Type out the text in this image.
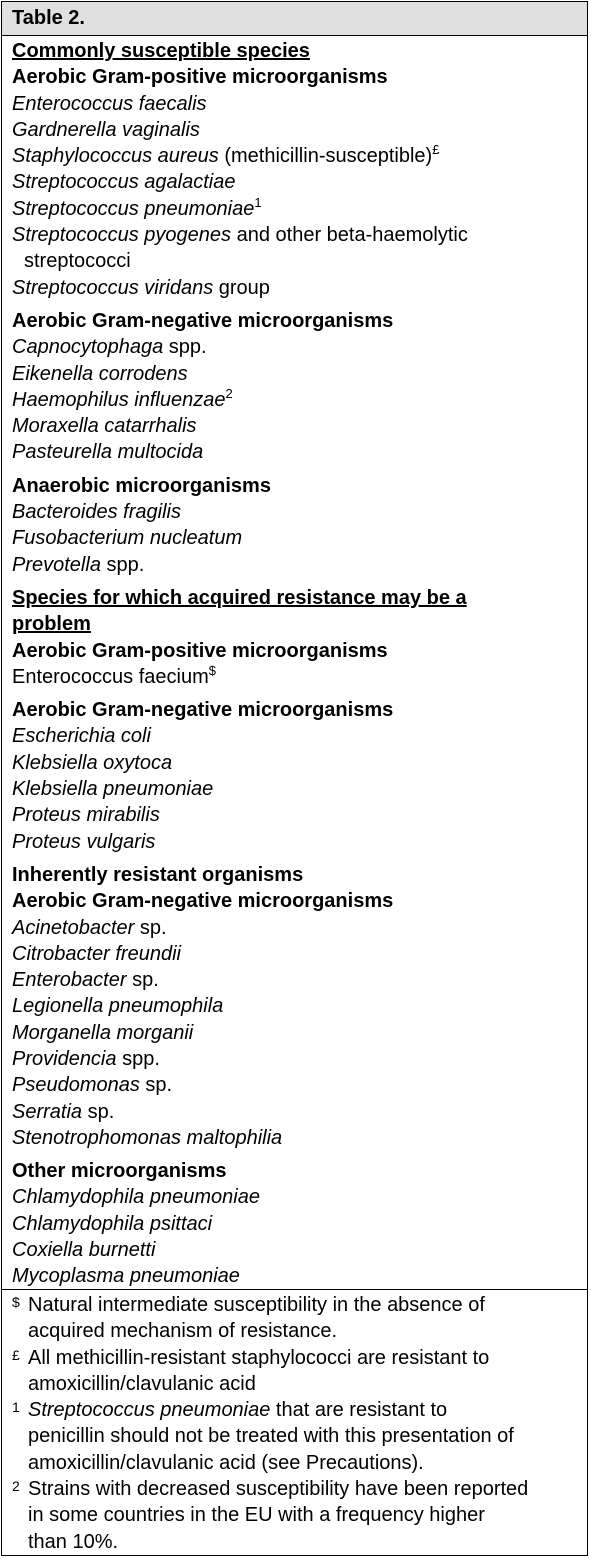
Table 2.
Commonly susceptible species
Aerobic Gram-positive microorganisms
Enterococcus faecalis
Gardnerella vaginalis
Staphylococcus aureus (methicillin-susceptible)£
Streptococcus agalactiae
Streptococcus pneumoniae$^1$
Streptococcus pyogenes and other beta-haemolytic
streptococci
Streptococcus viridans group
Aerobic Gram-negative microorganisms
Capnocytophaga spp.
Eikenella corrodens
Haemophilus influenzae$^2$
Moraxella catarrhalis
Pasteurella multocida
Anaerobic microorganisms
Bacteroides fragilis
Fusobacterium nucleatum
Prevotella spp.
Species for which acquired resistance may be a
problem
Aerobic Gram-positive microorganisms
Enterococcus faecium$
Aerobic Gram-negative microorganisms
Escherichia coli
Klebsiella oxytoca
Klebsiella pneumoniae
Proteus mirabilis
Proteus vulgaris
Inherently resistant organisms
Aerobic Gram-negative microorganisms
Acinetobacter sp.
Citrobacter freundii
Enterobacter sp.
Legionella pneumophila
Morganella morganii
Providencia spp.
Pseudomonas sp.
Serratia sp.
Stenotrophomonas maltophilia
Other microorganisms
Chlamydophila pneumoniae
Chlamydophila psittaci
Coxiella burnetti
Mycoplasma pneumoniae
$ Natural intermediate susceptibility in the absence of
acquired mechanism of resistance.
£ All methicillin-resistant staphylococci are resistant to
amoxicillin/clavulanic acid
1 Streptococcus pneumoniae that are resistant to
penicillin should not be treated with this presentation of
amoxicillin/clavulanic acid (see Precautions).
2 Strains with decreased susceptibility have been reported
in some countries in the EU with a frequency higher
than 10%.
